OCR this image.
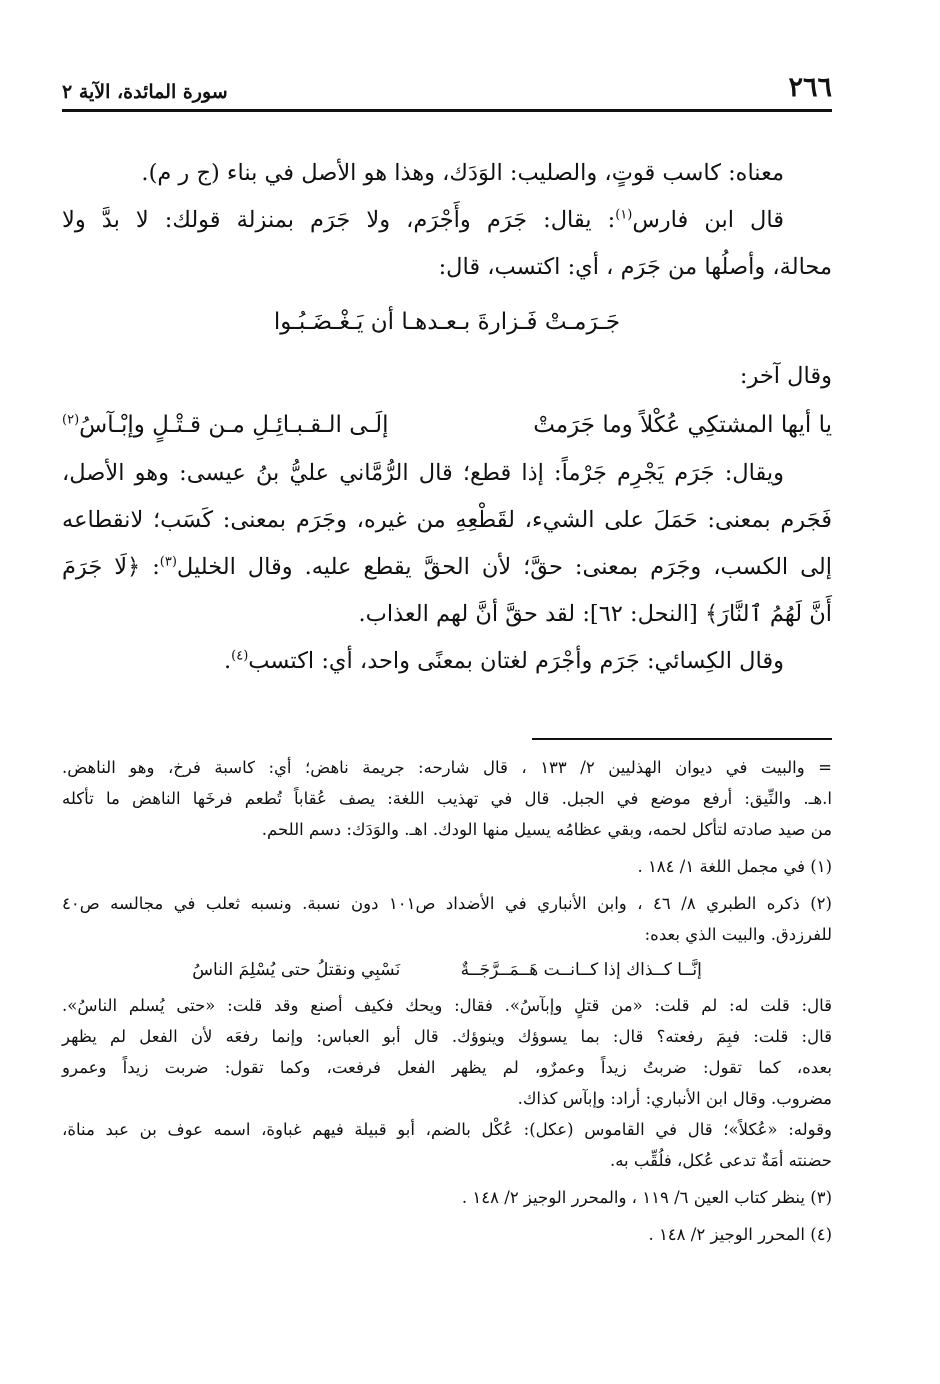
٢٦٦
سورة المائدة، الآية ٢
معناه: كاسب قوتٍ، والصليب: الوَدَك، وهذا هو الأصل في بناء (ج ر م).
قال ابن فارس$^{(١)}$: يقال: جَرَم وأَجْرَم، ولا جَرَم بمنزلة قولك: لا بدَّ ولا
محالة، وأصلُها من جَرَم ، أي: اكتسب، قال:
جَـرَمـتْ فَـزارةَ بـعـدهـا أن يَـغْـضَـبُـوا
وقال آخر:
يا أيها المشتكِي عُكْلاً وما جَرَمتْ
إلَـى الـقـبـائِـلِ مـن قـتْـلٍ وإبْـآسُ$^{(٢)}$
ويقال: جَرَم يَجْرِم جَرْماً: إذا قطع؛ قال الرُّمَّاني عليُّ بنُ عيسى: وهو الأصل،
فَجَرم بمعنى: حَمَلَ على الشيء، لقَطْعِهِ من غيره، وجَرَم بمعنى: كَسَب؛ لانقطاعه
إلى الكسب، وجَرَم بمعنى: حقَّ؛ لأن الحقَّ يقطع عليه. وقال الخليل$^{(٣)}$: ﴿لَا جَرَمَ
أَنَّ لَهُمُ ٱلنَّارَ﴾ [النحل: ٦٢]: لقد حقَّ أنَّ لهم العذاب.
وقال الكِسائي: جَرَم وأجْرَم لغتان بمعنًى واحد، أي: اكتسب$^{(٤)}$.
= والبيت في ديوان الهذليين ٢/ ١٣٣ ، قال شارحه: جريمة ناهض؛ أي: كاسبة فرخ، وهو الناهض.
ا.هـ. والنِّيق: أرفع موضع في الجبل. قال في تهذيب اللغة: يصف عُقاباً تُطعم فرخَها الناهض ما تأكله
من صيد صادته لتأكل لحمه، وبقي عظامُه يسيل منها الودك. اهـ. والوَدَك: دسم اللحم.
(١) في مجمل اللغة ١/ ١٨٤ .
(٢) ذكره الطبري ٨/ ٤٦ ، وابن الأنباري في الأضداد ص١٠١ دون نسبة. ونسبه ثعلب في مجالسه ص٤٠
للفرزدق. والبيت الذي بعده:
إنَّــا كــذاك إذا كــانــت هَــمَــرَّجَــةٌ
نَسْبِي ونقتلُ حتى يُسْلِمَ الناسُ
قال: قلت له: لم قلت: «من قتلٍ وإبآسُ». فقال: ويحك فكيف أصنع وقد قلت: «حتى يُسلم الناسُ».
قال: قلت: فبِمَ رفعته؟ قال: بما يسوؤك وينوؤك. قال أبو العباس: وإنما رفعَه لأن الفعل لم يظهر
بعده، كما تقول: ضربتُ زيداً وعمرٌو، لم يظهر الفعل فرفعت، وكما تقول: ضربت زيداً وعمرو
مضروب. وقال ابن الأنباري: أراد: وإبآس كذاك.
وقوله: «عُكلاً»؛ قال في القاموس (عكل): عُكْل بالضم، أبو قبيلة فيهم غباوة، اسمه عوف بن عبد مناة،
حضنته أمَةٌ تدعى عُكل، فلُقِّب به.
(٣) ينظر كتاب العين ٦/ ١١٩ ، والمحرر الوجيز ٢/ ١٤٨ .
(٤) المحرر الوجيز ٢/ ١٤٨ .
